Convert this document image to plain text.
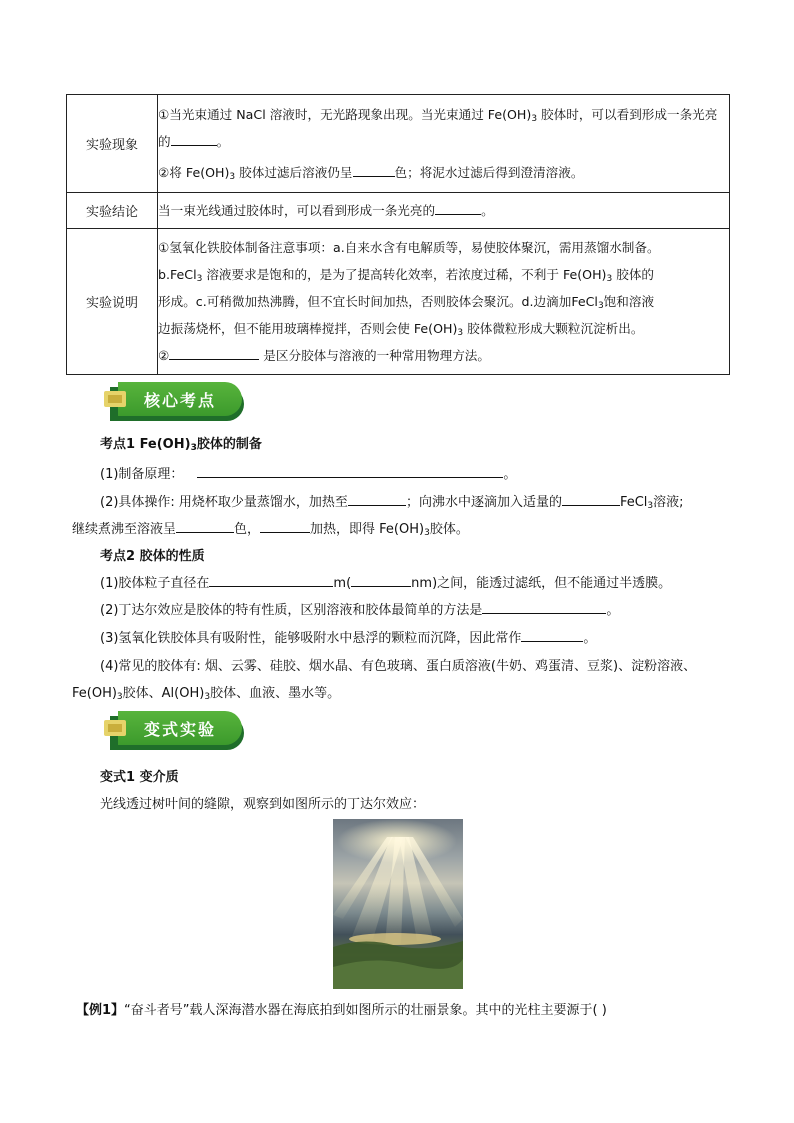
实验现象	①当光束通过 NaCl 溶液时，无光路现象出现。当光束通过 $Fe(OH)_3$ 胶体时，可以看到形成一条光亮的 。
②将 $Fe(OH)_3$ 胶体过滤后溶液仍呈 色；将泥水过滤后得到澄清溶液。

实验结论	当一束光线通过胶体时，可以看到形成一条光亮的 。
实验说明	①氢氧化铁胶体制备注意事项：a.自来水含有电解质等，易使胶体聚沉，需用蒸馏水制备。
b.FeCl$_3$ 溶液要求是饱和的，是为了提高转化效率，若浓度过稀，不利于 $Fe(OH)_3$ 胶体的
形成。c.可稍微加热沸腾，但不宜长时间加热，否则胶体会聚沉。d.边滴加FeCl$_3$饱和溶液
边振荡烧杯，但不能用玻璃棒搅拌，否则会使 $Fe(OH)_3$ 胶体微粒形成大颗粒沉淀析出。
② 是区分胶体与溶液的一种常用物理方法。
核心考点
考点1 $Fe(OH)_3$胶体的制备
(1)制备原理：	。
(2)具体操作: 用烧杯取少量蒸馏水，加热至	；向沸水中逐滴加入适量的	FeCl$_3$溶液;
继续煮沸至溶液呈	色，	加热，即得 $Fe(OH)_3$胶体。
考点2 胶体的性质
(1)胶体粒子直径在	m(	nm)之间，能透过滤纸，但不能通过半透膜。
(2)丁达尔效应是胶体的特有性质，区别溶液和胶体最简单的方法是	。
(3)氢氧化铁胶体具有吸附性，能够吸附水中悬浮的颗粒而沉降，因此常作	。
(4)常见的胶体有: 烟、云雾、硅胶、烟水晶、有色玻璃、蛋白质溶液(牛奶、鸡蛋清、豆浆)、淀粉溶液、
$Fe(OH)_3$胶体、$Al(OH)_3$胶体、血液、墨水等。
变式实验
变式1 变介质
光线透过树叶间的缝隙，观察到如图所示的丁达尔效应：
【例1】“奋斗者号”载人深海潜水器在海底拍到如图所示的壮丽景象。其中的光柱主要源于( )
